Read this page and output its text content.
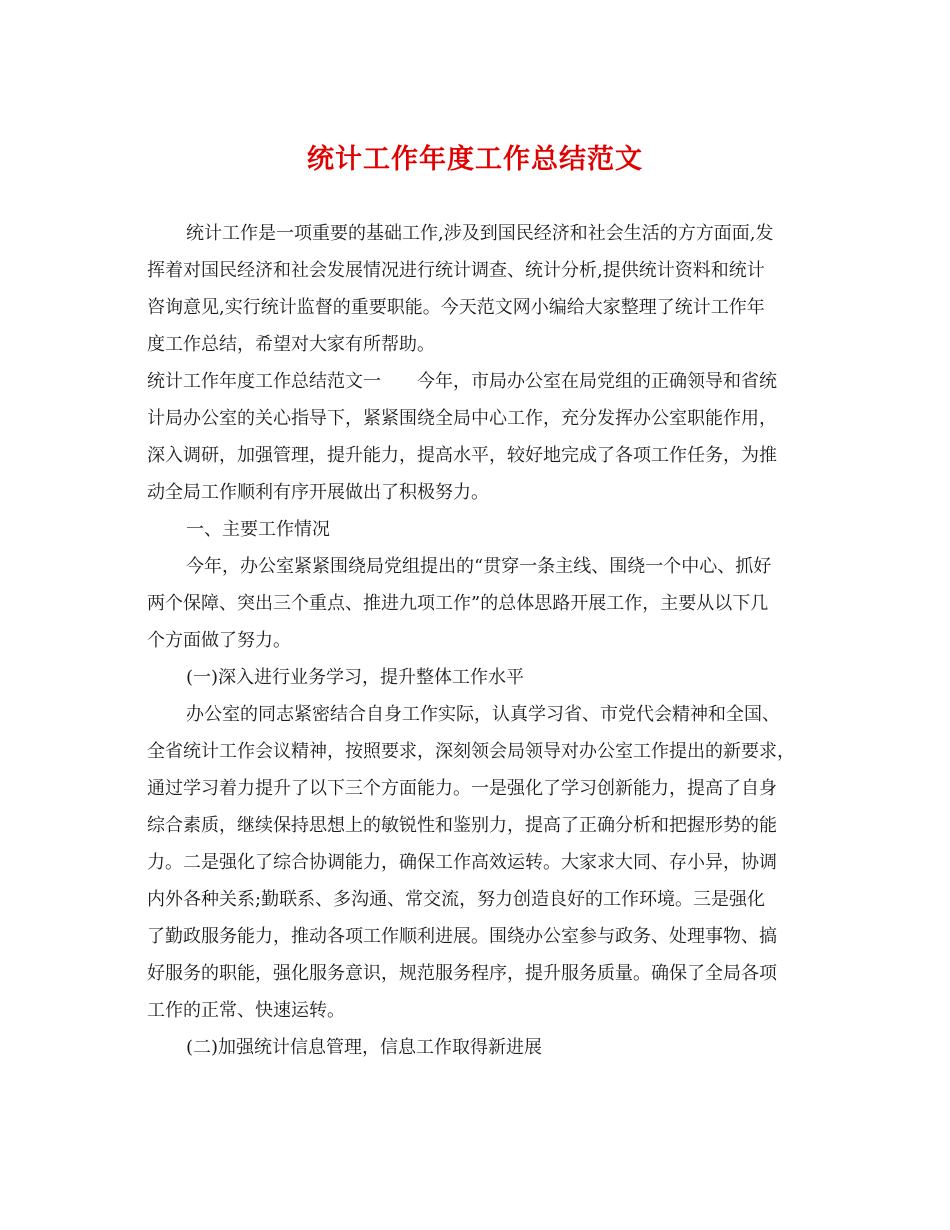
统计工作年度工作总结范文
统计工作是一项重要的基础工作,涉及到国民经济和社会生活的方方面面,发
挥着对国民经济和社会发展情况进行统计调查、统计分析,提供统计资料和统计
咨询意见,实行统计监督的重要职能。今天范文网小编给大家整理了统计工作年
度工作总结，希望对大家有所帮助。
统计工作年度工作总结范文一　　今年，市局办公室在局党组的正确领导和省统
计局办公室的关心指导下，紧紧围绕全局中心工作，充分发挥办公室职能作用，
深入调研，加强管理，提升能力，提高水平，较好地完成了各项工作任务，为推
动全局工作顺利有序开展做出了积极努力。
一、主要工作情况
今年，办公室紧紧围绕局党组提出的“贯穿一条主线、围绕一个中心、抓好
两个保障、突出三个重点、推进九项工作”的总体思路开展工作，主要从以下几
个方面做了努力。
(一)深入进行业务学习，提升整体工作水平
办公室的同志紧密结合自身工作实际，认真学习省、市党代会精神和全国、
全省统计工作会议精神，按照要求，深刻领会局领导对办公室工作提出的新要求，
通过学习着力提升了以下三个方面能力。一是强化了学习创新能力，提高了自身
综合素质，继续保持思想上的敏锐性和鉴别力，提高了正确分析和把握形势的能
力。二是强化了综合协调能力，确保工作高效运转。大家求大同、存小异，协调
内外各种关系;勤联系、多沟通、常交流，努力创造良好的工作环境。三是强化
了勤政服务能力，推动各项工作顺利进展。围绕办公室参与政务、处理事物、搞
好服务的职能，强化服务意识，规范服务程序，提升服务质量。确保了全局各项
工作的正常、快速运转。
(二)加强统计信息管理，信息工作取得新进展
